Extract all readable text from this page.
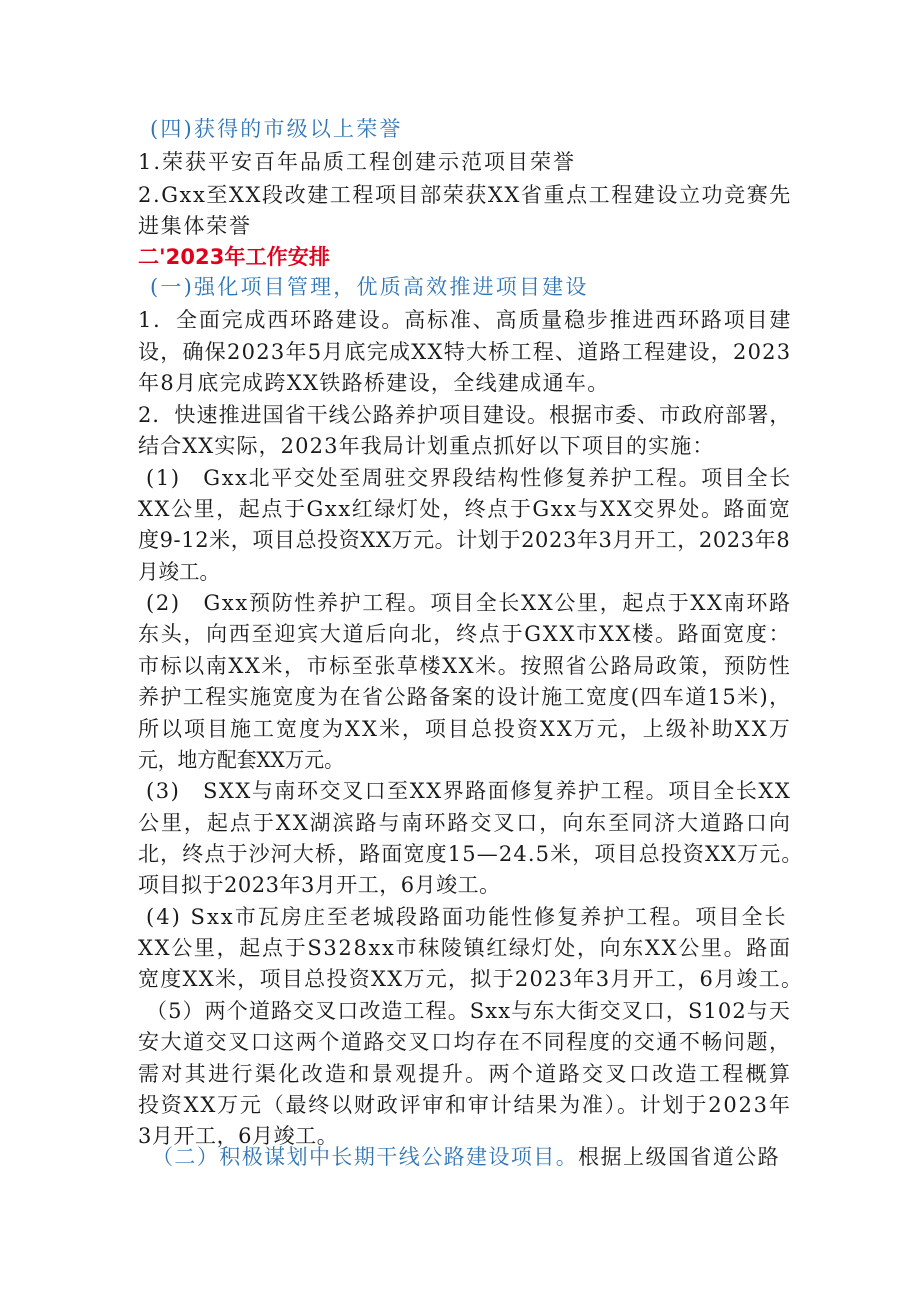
(四)获得的市级以上荣誉
1.荣获平安百年品质工程创建示范项目荣誉
2.Gxx至XX段改建工程项目部荣获XX省重点工程建设立功竞赛先
进集体荣誉
二'2023年工作安排
(一)强化项目管理，优质高效推进项目建设
1．全面完成西环路建设。高标准、高质量稳步推进西环路项目建
设，确保2023年5月底完成XX特大桥工程、道路工程建设，2023
年8月底完成跨XX铁路桥建设，全线建成通车。
2．快速推进国省干线公路养护项目建设。根据市委、市政府部署，
结合XX实际，2023年我局计划重点抓好以下项目的实施：
(1)　Gxx北平交处至周驻交界段结构性修复养护工程。项目全长
XX公里，起点于Gxx红绿灯处，终点于Gxx与XX交界处。路面宽
度9-12米，项目总投资XX万元。计划于2023年3月开工，2023年8
月竣工。
(2)　Gxx预防性养护工程。项目全长XX公里，起点于XX南环路
东头，向西至迎宾大道后向北，终点于GXX市XX楼。路面宽度：
市标以南XX米，市标至张草楼XX米。按照省公路局政策，预防性
养护工程实施宽度为在省公路备案的设计施工宽度(四车道15米)，
所以项目施工宽度为XX米，项目总投资XX万元，上级补助XX万
元，地方配套XX万元。
(3)　SXX与南环交叉口至XX界路面修复养护工程。项目全长XX
公里，起点于XX湖滨路与南环路交叉口，向东至同济大道路口向
北，终点于沙河大桥，路面宽度15—24.5米，项目总投资XX万元。
项目拟于2023年3月开工，6月竣工。
(4) Sxx市瓦房庄至老城段路面功能性修复养护工程。项目全长
XX公里，起点于S328xx市秣陵镇红绿灯处，向东XX公里。路面
宽度XX米，项目总投资XX万元，拟于2023年3月开工，6月竣工。
（5）两个道路交叉口改造工程。Sxx与东大街交叉口，S102与天
安大道交叉口这两个道路交叉口均存在不同程度的交通不畅问题，
需对其进行渠化改造和景观提升。两个道路交叉口改造工程概算
投资XX万元（最终以财政评审和审计结果为准）。计划于2023年
3月开工，6月竣工。
（二）积极谋划中长期干线公路建设项目。根据上级国省道公路
